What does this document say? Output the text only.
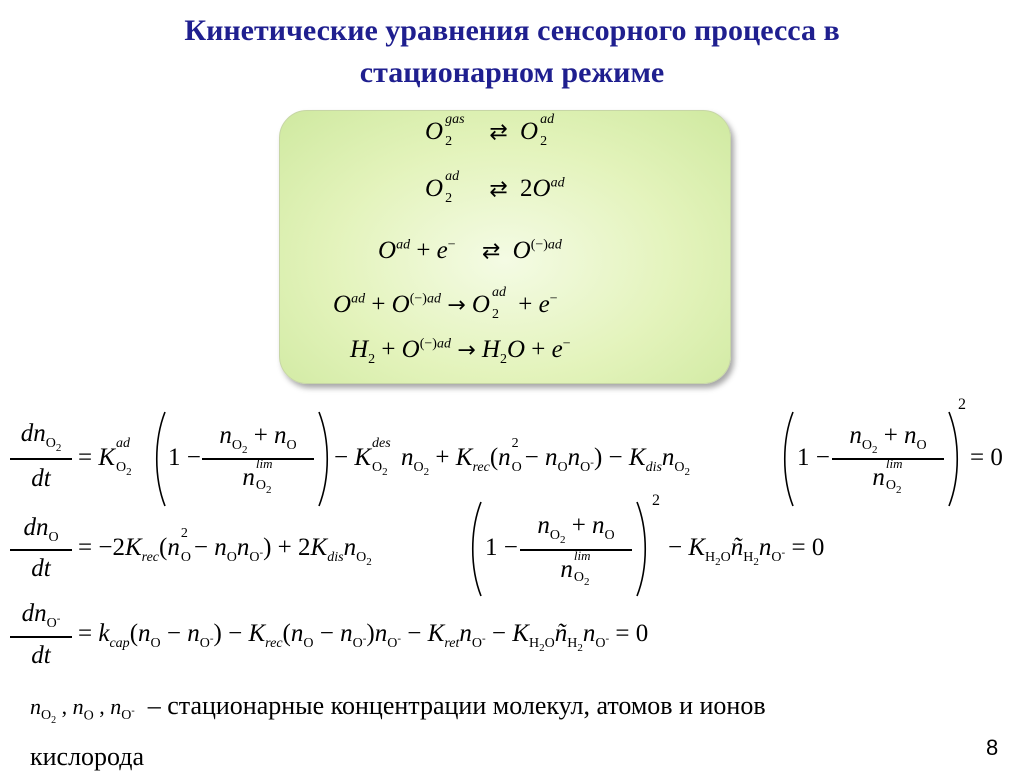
Кинетические уравнения сенсорного процесса в
стационарном режиме
O gas
2 ⇄ O ad
2
O ad
2 ⇄ $2O^{ad}$
$O^{ad} + e^-$ ⇄ $O^{(-)ad}$
$O^{ad} + O^{(-)ad} \to O$ ad
2 + e−
$H_2 + O^{(-)ad} \to H_2O + e^-$
$dn_{O_2}$
dt
= K
ad
$O_2$
1 −
$n_{O_2} + n_O$
n
lim
$O_2$

− K
des
$O_2$
$n_{O_2} + K_{rec}(n$
2
$O - n_On_{O^-}) - K_{dis}n_{O_2}$
1 −
$n_{O_2} + n_O$
n
lim
$O_2$

2
= 0
$dn_O$
dt
= $-2K_{rec}(n$
2
$O - n_On_{O^-}) + 2K_{dis}n_{O_2}$
1 −
$n_{O_2} + n_O$
n
lim
$O_2$

2
− $K_{H_2O}ñ_{H_2}n_{O^-} = 0$
$dn_{O^-}$
dt
= $k_{cap}(n_O - n_{O^-}) - K_{rec}(n_O - n_{O^-})n_{O^-} - K_{ret}n_{O^-}$ − $K_{H_2O}ñ_{H_2}n_{O^-} = 0$
$n_{O_2}$ , $n_O$ , $n_{O^-}$ – стационарные концентрации молекул, атомов и ионов
кислорода	8
